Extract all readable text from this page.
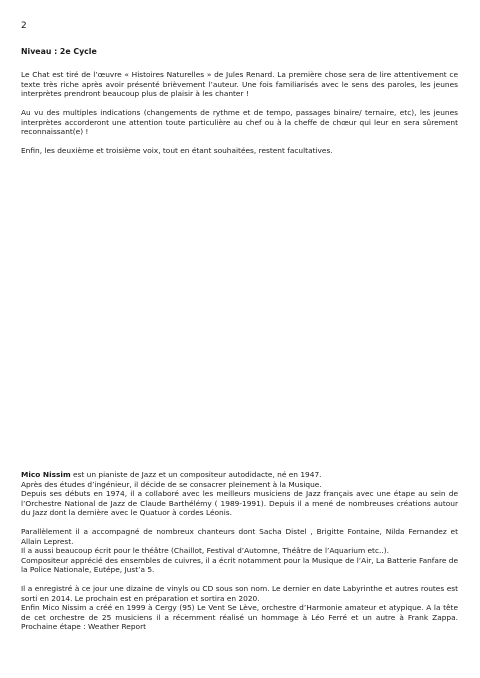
2
Niveau : 2e Cycle

Le Chat est tiré de l’œuvre « Histoires Naturelles » de Jules Renard. La première chose sera de lire attentivement ce texte très riche après avoir présenté brièvement l’auteur. Une fois familiarisés avec le sens des paroles, les jeunes interprètes prendront beaucoup plus de plaisir à les chanter !

Au vu des multiples indications (changements de rythme et de tempo, passages binaire/ ternaire, etc), les jeunes interprètes accorderont une attention toute particulière au chef ou à la cheffe de chœur qui leur en sera sûrement reconnaissant(e) !

Enfin, les deuxième et troisième voix, tout en étant souhaitées, restent facultatives.

Mico Nissim est un pianiste de Jazz et un compositeur autodidacte, né en 1947.

Après des études d’ingénieur, il décide de se consacrer pleinement à la Musique.

Depuis ses débuts en 1974, il a collaboré avec les meilleurs musiciens de Jazz français avec une étape au sein de l’Orchestre National de Jazz de Claude Barthélémy ( 1989-1991). Depuis il a mené de nombreuses créations autour du Jazz dont la dernière avec le Quatuor à cordes Léonis.

Parallèlement il a accompagné de nombreux chanteurs dont Sacha Distel , Brigitte Fontaine, Nilda Fernandez et Allain Leprest.

Il a aussi beaucoup écrit pour le théâtre (Chaillot, Festival d’Automne, Théâtre de l’Aquarium etc..).

Compositeur apprécié des ensembles de cuivres, il a écrit notamment pour la Musique de l’Air, La Batterie Fanfare de la Police Nationale, Eutépe, Just’a 5.

Il a enregistré à ce jour une dizaine de vinyls ou CD sous son nom. Le dernier en date Labyrinthe et autres routes est sorti en 2014. Le prochain est en préparation et sortira en 2020.

Enfin Mico Nissim a créé en 1999 à Cergy (95) Le Vent Se Lève, orchestre d’Harmonie amateur et atypique. A la tête de cet orchestre de 25 musiciens il a récemment réalisé un hommage à Léo Ferré et un autre à Frank Zappa. Prochaine étape : Weather Report
